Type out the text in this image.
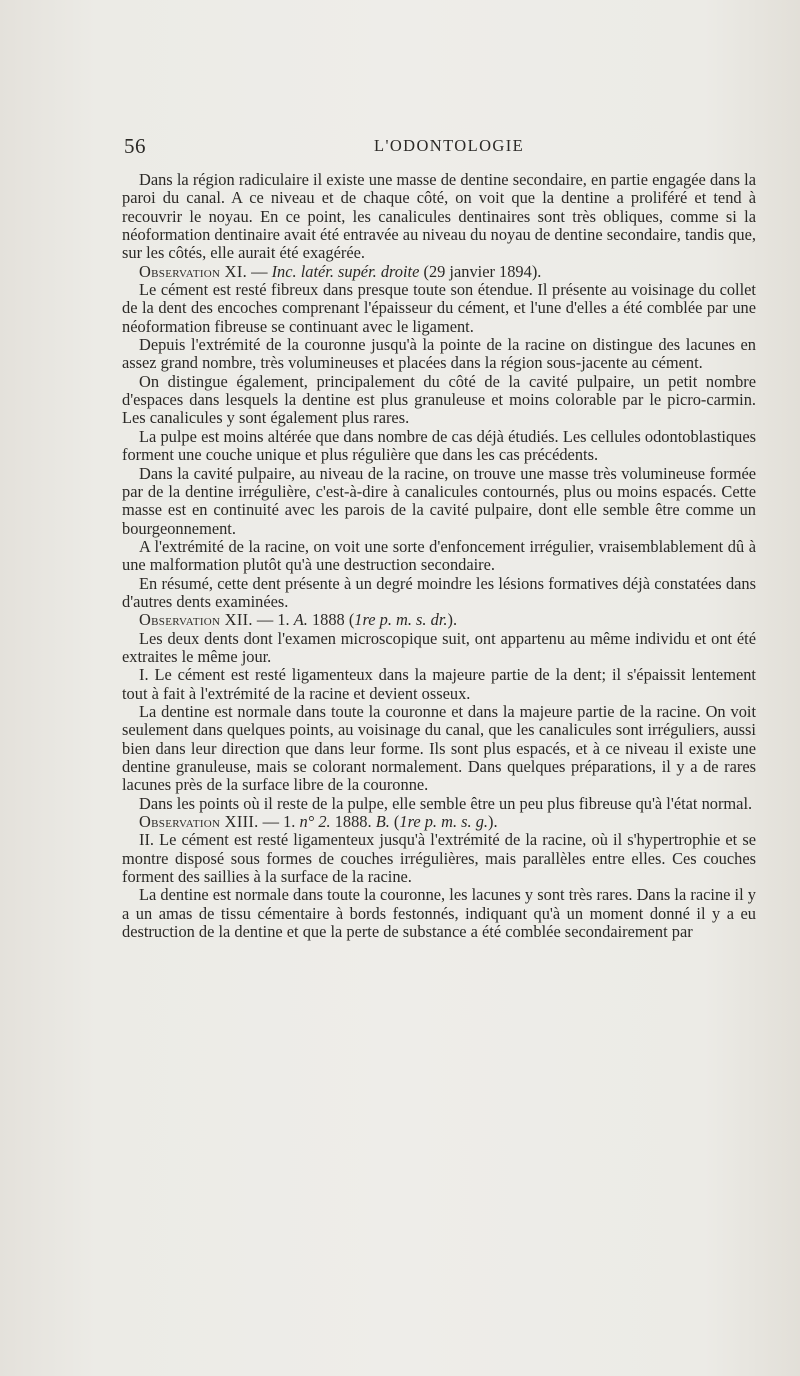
56	L'ODONTOLOGIE

Dans la région radiculaire il existe une masse de dentine secondaire, en partie engagée dans la paroi du canal. A ce niveau et de chaque côté, on voit que la dentine a proliféré et tend à recouvrir le noyau. En ce point, les canalicules dentinaires sont très obliques, comme si la néoformation dentinaire avait été entravée au niveau du noyau de dentine secondaire, tandis que, sur les côtés, elle aurait été exagérée.

Observation XI. — Inc. latér. supér. droite (29 janvier 1894).

Le cément est resté fibreux dans presque toute son étendue. Il présente au voisinage du collet de la dent des encoches comprenant l'épaisseur du cément, et l'une d'elles a été comblée par une néoformation fibreuse se continuant avec le ligament.

Depuis l'extrémité de la couronne jusqu'à la pointe de la racine on distingue des lacunes en assez grand nombre, très volumineuses et placées dans la région sous-jacente au cément.

On distingue également, principalement du côté de la cavité pulpaire, un petit nombre d'espaces dans lesquels la dentine est plus granuleuse et moins colorable par le picro-carmin. Les canalicules y sont également plus rares.

La pulpe est moins altérée que dans nombre de cas déjà étudiés. Les cellules odontoblastiques forment une couche unique et plus régulière que dans les cas précédents.

Dans la cavité pulpaire, au niveau de la racine, on trouve une masse très volumineuse formée par de la dentine irrégulière, c'est-à-dire à canalicules contournés, plus ou moins espacés. Cette masse est en continuité avec les parois de la cavité pulpaire, dont elle semble être comme un bourgeonnement.

A l'extrémité de la racine, on voit une sorte d'enfoncement irrégulier, vraisemblablement dû à une malformation plutôt qu'à une destruction secondaire.

En résumé, cette dent présente à un degré moindre les lésions formatives déjà constatées dans d'autres dents examinées.

Observation XII. — 1. A. 1888 (1re p. m. s. dr.).

Les deux dents dont l'examen microscopique suit, ont appartenu au même individu et ont été extraites le même jour.

I. Le cément est resté ligamenteux dans la majeure partie de la dent; il s'épaissit lentement tout à fait à l'extrémité de la racine et devient osseux.

La dentine est normale dans toute la couronne et dans la majeure partie de la racine. On voit seulement dans quelques points, au voisinage du canal, que les canalicules sont irréguliers, aussi bien dans leur direction que dans leur forme. Ils sont plus espacés, et à ce niveau il existe une dentine granuleuse, mais se colorant normalement. Dans quelques préparations, il y a de rares lacunes près de la surface libre de la couronne.

Dans les points où il reste de la pulpe, elle semble être un peu plus fibreuse qu'à l'état normal.

Observation XIII. — 1. n° 2. 1888. B. (1re p. m. s. g.).

II. Le cément est resté ligamenteux jusqu'à l'extrémité de la racine, où il s'hypertrophie et se montre disposé sous formes de couches irrégulières, mais parallèles entre elles. Ces couches forment des saillies à la surface de la racine.

La dentine est normale dans toute la couronne, les lacunes y sont très rares. Dans la racine il y a un amas de tissu cémentaire à bords festonnés, indiquant qu'à un moment donné il y a eu destruction de la dentine et que la perte de substance a été comblée secondairement par
